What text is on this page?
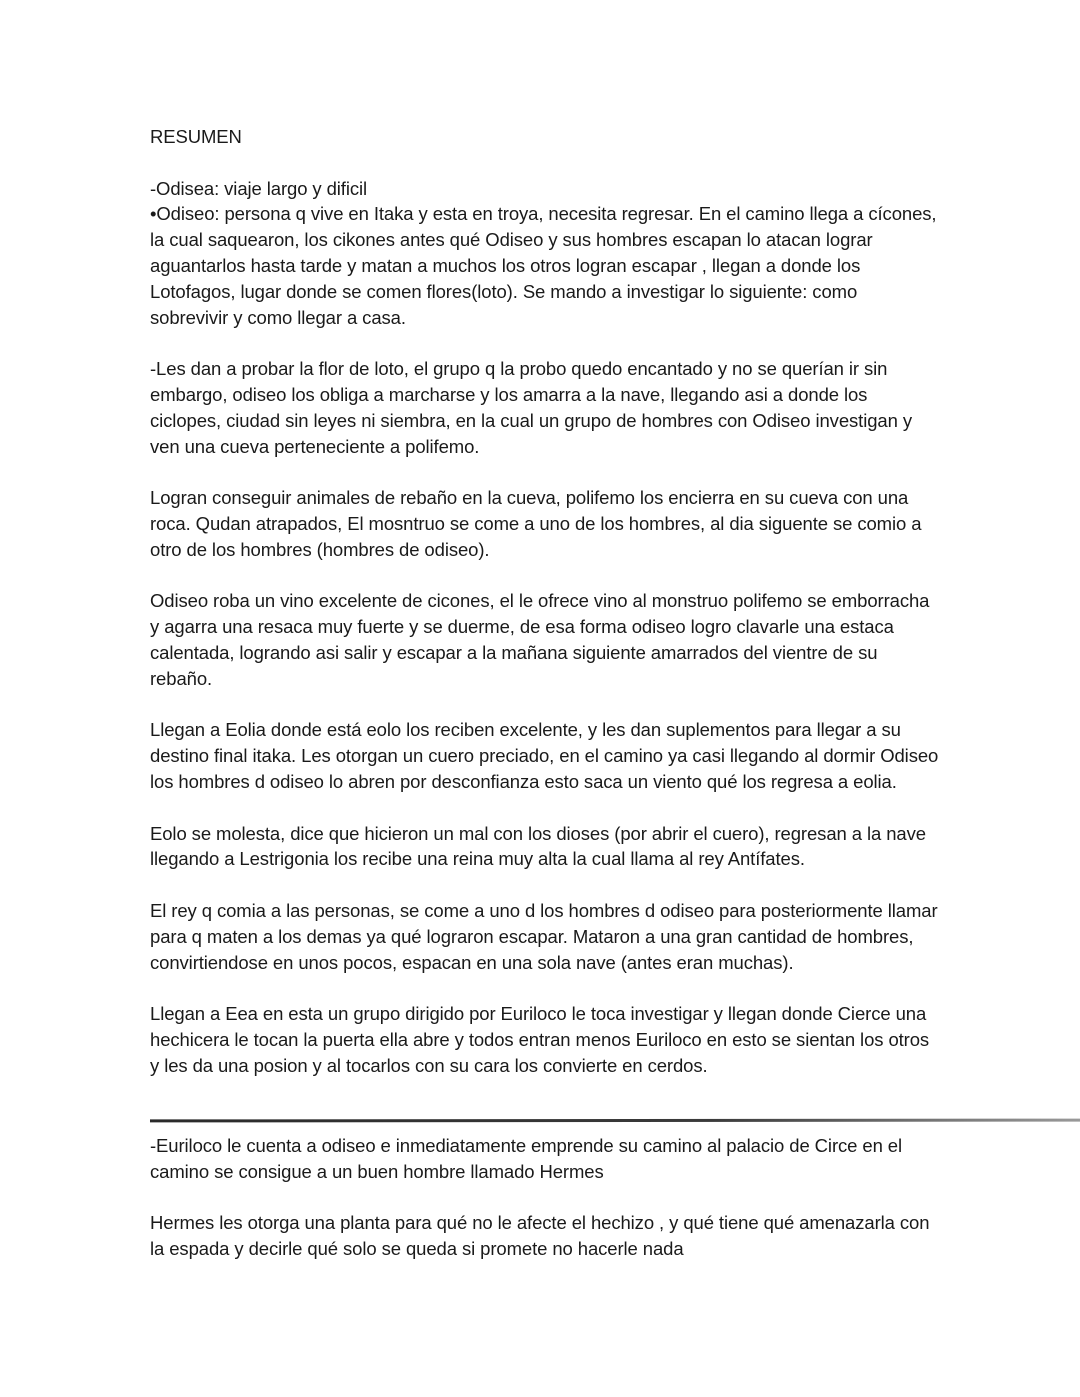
RESUMEN
-Odisea: viaje largo y dificil
•Odiseo: persona q vive en Itaka y esta en troya, necesita regresar. En el camino llega a cícones, la cual saquearon, los cikones antes qué Odiseo y sus hombres escapan lo atacan lograr aguantarlos hasta tarde y matan a muchos los otros logran escapar , llegan a donde los Lotofagos, lugar donde se comen flores(loto). Se mando a investigar lo siguiente: como sobrevivir y como llegar a casa.
-Les dan a probar la flor de loto, el grupo q la probo quedo encantado y no se querían ir sin embargo, odiseo los obliga a marcharse y los amarra a la nave, llegando asi a donde los ciclopes, ciudad sin leyes ni siembra, en la cual un grupo de hombres con Odiseo investigan y ven una cueva perteneciente a polifemo.
Logran conseguir animales de rebaño en la cueva, polifemo los encierra en su cueva con una roca. Qudan atrapados, El mosntruo se come a uno de los hombres, al dia siguente se comio a otro de los hombres (hombres de odiseo).
Odiseo roba un vino excelente de cicones, el le ofrece vino al monstruo polifemo se emborracha y agarra una resaca muy fuerte y se duerme, de esa forma odiseo logro clavarle una estaca calentada, logrando asi salir y escapar a la mañana siguiente amarrados del vientre de su rebaño.
Llegan a Eolia donde está eolo los reciben excelente, y les dan suplementos para llegar a su destino final itaka. Les otorgan un cuero preciado, en el camino ya casi llegando al dormir Odiseo los hombres d odiseo lo abren por desconfianza esto saca un viento qué los regresa a eolia.
Eolo se molesta, dice que hicieron un mal con los dioses (por abrir el cuero), regresan a la nave llegando a Lestrigonia los recibe una reina muy alta la cual llama al rey Antífates.
El rey q comia a las personas, se come a uno d los hombres d odiseo para posteriormente llamar para q maten a los demas ya qué lograron escapar. Mataron a una gran cantidad de hombres, convirtiendose en unos pocos, espacan en una sola nave (antes eran muchas).
Llegan a Eea en esta un grupo dirigido por Euriloco le toca investigar y llegan donde Cierce una hechicera le tocan la puerta ella abre y todos entran menos Euriloco en esto se sientan los otros y les da una posion y al tocarlos con su cara los convierte en cerdos.
-Euriloco le cuenta a odiseo e inmediatamente emprende su camino al palacio de Circe en el camino se consigue a un buen hombre llamado Hermes
Hermes les otorga una planta para qué no le afecte el hechizo , y qué tiene qué amenazarla con la espada y decirle qué solo se queda si promete no hacerle nada
